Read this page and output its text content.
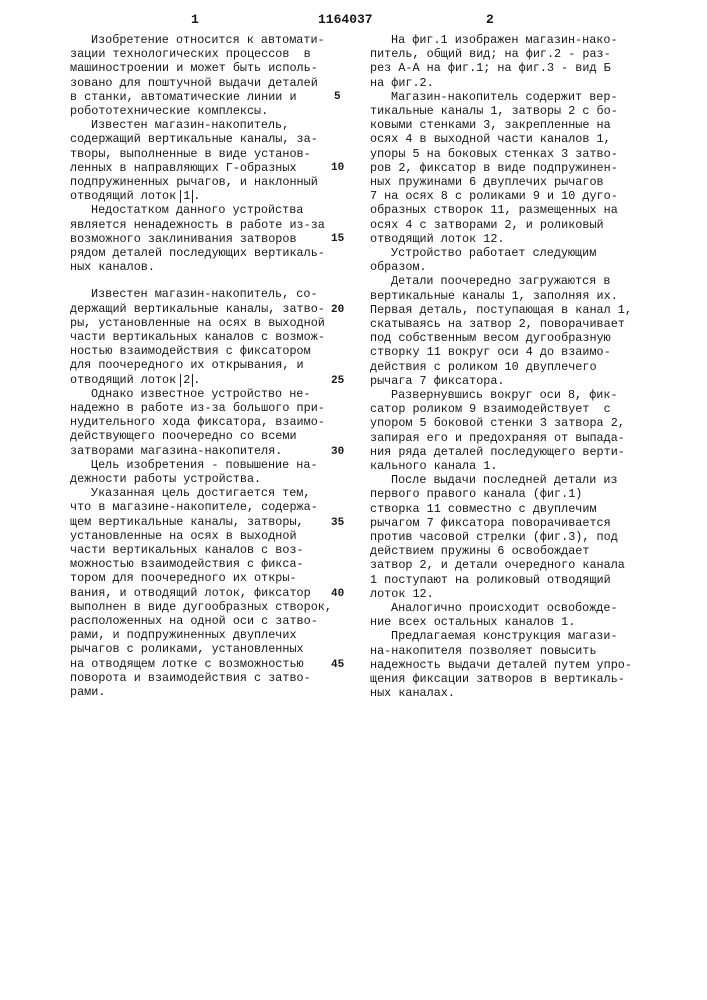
1	1164037	2
Изобретение относится к автомати-
зации технологических процессов  в
машиностроении и может быть исполь-
зовано для поштучной выдачи деталей
в станки, автоматические линии и
робототехнические комплексы.
Известен магазин-накопитель,
содержащий вертикальные каналы, за-
творы, выполненные в виде установ-
ленных в направляющих Г-образных
подпружиненных рычагов, и наклонный
отводящий лоток 1 .
Недостатком данного устройства
является ненадежность в работе из-за
возможного заклинивания затворов
рядом деталей последующих вертикаль-
ных каналов.
Известен магазин-накопитель, со-
держащий вертикальные каналы, затво-
ры, установленные на осях в выходной
части вертикальных каналов с возмож-
ностью взаимодействия с фиксатором
для поочередного их открывания, и
отводящий лоток 2 .
Однако известное устройство не-
надежно в работе из-за большого при-
нудительного хода фиксатора, взаимо-
действующего поочередно со всеми
затворами магазина-накопителя.
Цель изобретения - повышение на-
дежности работы устройства.
Указанная цель достигается тем,
что в магазине-накопителе, содержа-
щем вертикальные каналы, затворы,
установленные на осях в выходной
части вертикальных каналов с воз-
можностью взаимодействия с фикса-
тором для поочередного их откры-
вания, и отводящий лоток, фиксатор
выполнен в виде дугообразных створок,
расположенных на одной оси с затво-
рами, и подпружиненных двуплечих
рычагов с роликами, установленных
на отводящем лотке с возможностью
поворота и взаимодействия с затво-
рами.
На фиг.1 изображен магазин-нако-
питель, общий вид; на фиг.2 - раз-
рез А-А на фиг.1; на фиг.3 - вид Б
на фиг.2.
Магазин-накопитель содержит вер-
тикальные каналы 1, затворы 2 с бо-
ковыми стенками 3, закрепленные на
осях 4 в выходной части каналов 1,
упоры 5 на боковых стенках 3 затво-
ров 2, фиксатор в виде подпружинен-
ных пружинами 6 двуплечих рычагов
7 на осях 8 с роликами 9 и 10 дуго-
образных створок 11, размещенных на
осях 4 с затворами 2, и роликовый
отводящий лоток 12.
Устройство работает следующим
образом.
Детали поочередно загружаются в
вертикальные каналы 1, заполняя их.
Первая деталь, поступающая в канал 1,
скатываясь на затвор 2, поворачивает
под собственным весом дугообразную
створку 11 вокруг оси 4 до взаимо-
действия с роликом 10 двуплечего
рычага 7 фиксатора.
Развернувшись вокруг оси 8, фик-
сатор роликом 9 взаимодействует  с
упором 5 боковой стенки 3 затвора 2,
запирая его и предохраняя от выпада-
ния ряда деталей последующего верти-
кального канала 1.
После выдачи последней детали из
первого правого канала (фиг.1)
створка 11 совместно с двуплечим
рычагом 7 фиксатора поворачивается
против часовой стрелки (фиг.3), под
действием пружины 6 освобождает
затвор 2, и детали очередного канала
1 поступают на роликовый отводящий
лоток 12.
Аналогично происходит освобожде-
ние всех остальных каналов 1.
Предлагаемая конструкция магази-
на-накопителя позволяет повысить
надежность выдачи деталей путем упро-
щения фиксации затворов в вертикаль-
ных каналах.
5
10
15
20
25
30
35
40
45
